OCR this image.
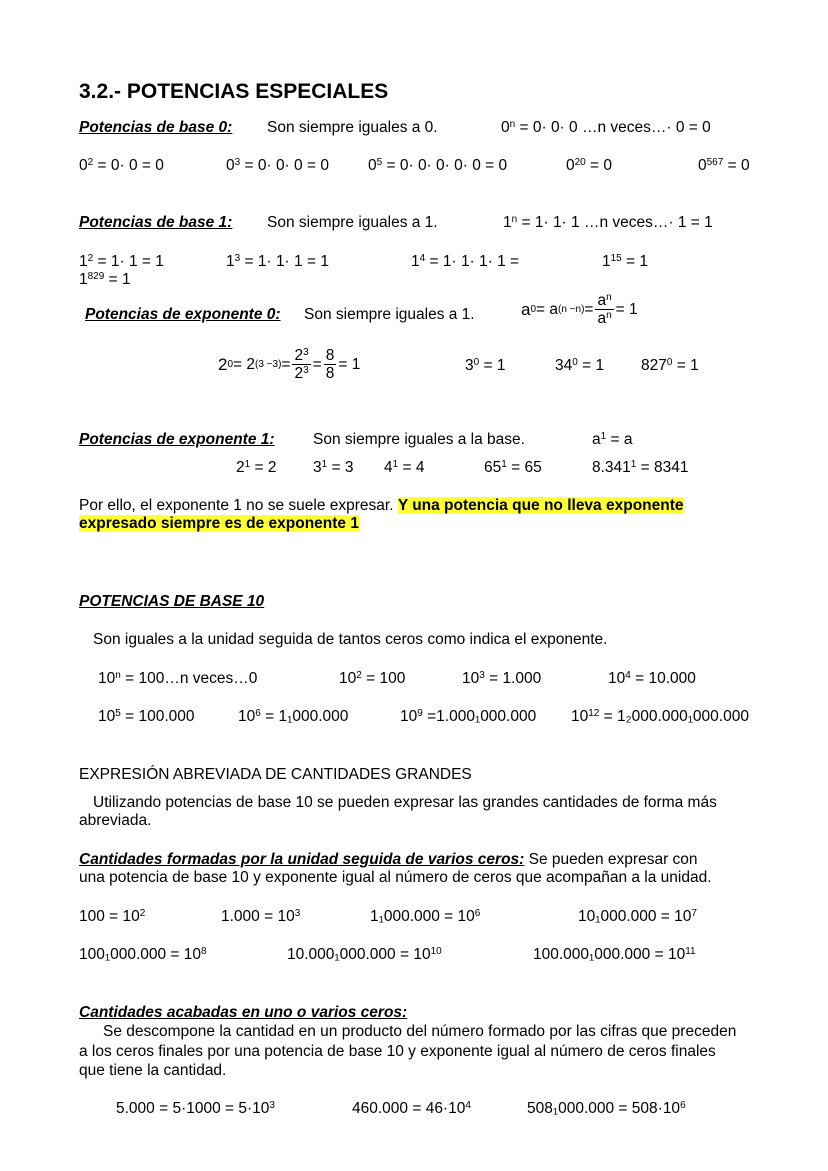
3.2.- POTENCIAS ESPECIALES
Potencias de base 0: Son siempre iguales a 0.	$0^n = 0\cdot 0\cdot 0$ …n veces…· 0 = 0
$0^2 = 0\cdot 0 = 0$	$0^3 = 0\cdot 0\cdot 0 = 0$	$0^5 = 0\cdot 0\cdot 0\cdot 0\cdot 0 = 0$	$0^{20} = 0$	$0^{567} = 0$
Potencias de base 1: Son siempre iguales a 1.	$1^n = 1\cdot 1\cdot 1$ …n veces…· 1 = 1
$1^2 = 1\cdot 1 = 1$	$1^3 = 1\cdot 1\cdot 1 = 1$	$1^4 = 1\cdot 1\cdot 1\cdot 1$ =	$1^{15} = 1$
$1^{829} = 1$
Potencias de exponente 0: Son siempre iguales a 1.	a 0 = a $(n -n) = \frac{a^n}{a^n} = 1$
2 0 = 2 $(3 -3) = \frac{2^3}{2^3} = \frac{8}{8} = 1$	$3^0 = 1$	$34^0 = 1$ $827^0 = 1$
Potencias de exponente 1: Son siempre iguales a la base.	$a^1 = a$
$2^1 = 2$ $3^1 = 3$ $4^1 = 4$	$65^1 = 65$	$8.341^1 = 8341$
Por ello, el exponente 1 no se suele expresar. Y una potencia que no lleva exponente
expresado siempre es de exponente 1
POTENCIAS DE BASE 10
Son iguales a la unidad seguida de tantos ceros como indica el exponente.
$10^n$ = 100…n veces…0	$10^2 = 100$	$10^3 = 1.000$	$10^4 = 10.000$
$10^5 = 100.000$	$10^6 = 1_1000.000$	$10^9 =1.000_1000.000$ $10^{12} = 1_2000.000_1000.000$
EXPRESIÓN ABREVIADA DE CANTIDADES GRANDES
Utilizando potencias de base 10 se pueden expresar las grandes cantidades de forma más
abreviada.
Cantidades formadas por la unidad seguida de varios ceros: Se pueden expresar con
una potencia de base 10 y exponente igual al número de ceros que acompañan a la unidad.
$100 = 10^2$	$1.000 = 10^3$	$1_1000.000 = 10^6$	$10_1000.000 = 10^7$
$100_1000.000 = 10^8$	$10.000_1000.000 = 10^{10}$	$100.000_1000.000 = 10^{11}$
Cantidades acabadas en uno o varios ceros:
Se descompone la cantidad en un producto del número formado por las cifras que preceden
a los ceros finales por una potencia de base 10 y exponente igual al número de ceros finales
que tiene la cantidad.
$5.000 = 5\cdot 1000 = 5\cdot 10^3$	$460.000 = 46\cdot 10^4$	$508_1000.000 = 508\cdot 10^6$
